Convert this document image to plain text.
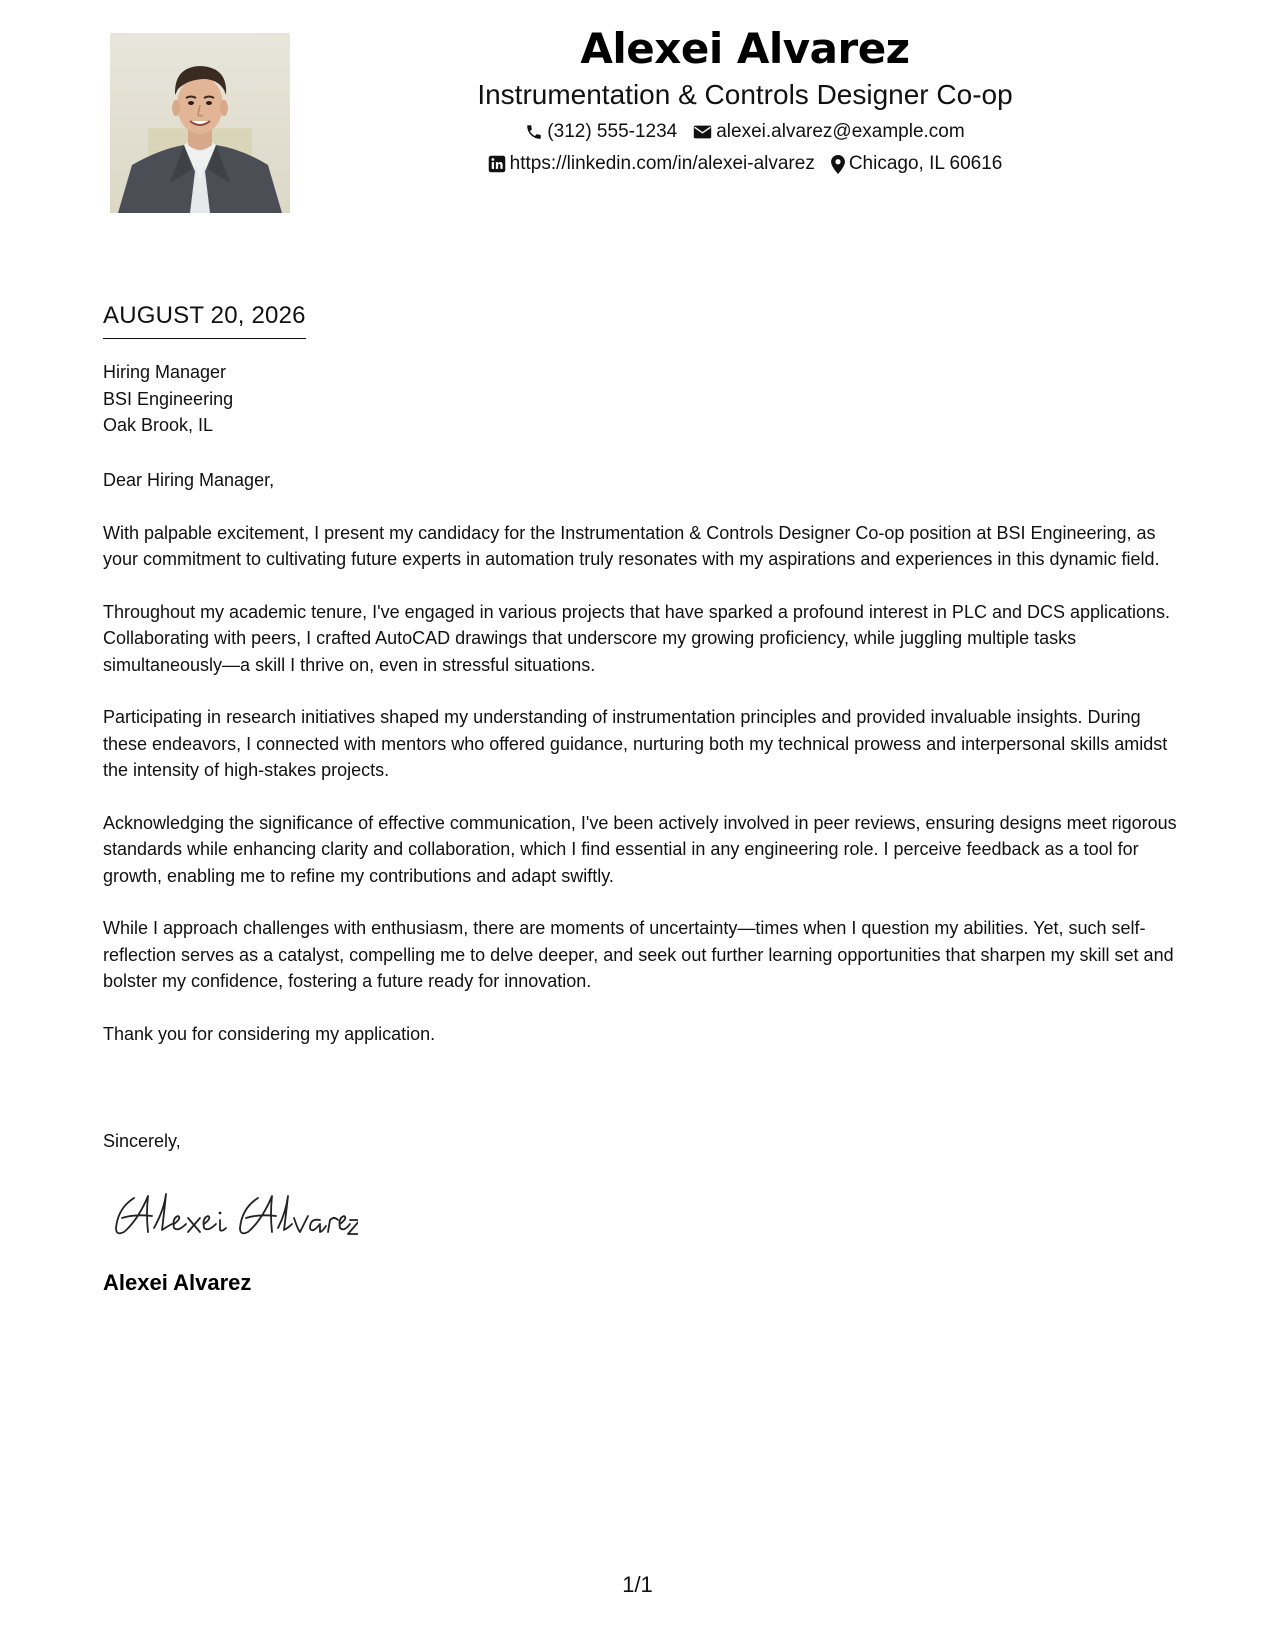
Alexei Alvarez
Instrumentation & Controls Designer Co-op
(312) 555-1234 alexei.alvarez@example.com
https://linkedin.com/in/alexei-alvarez Chicago, IL 60616
AUGUST 20, 2026
Hiring Manager
BSI Engineering
Oak Brook, IL

Dear Hiring Manager,

With palpable excitement, I present my candidacy for the Instrumentation & Controls Designer Co-op position at BSI Engineering, as your commitment to cultivating future experts in automation truly resonates with my aspirations and experiences in this dynamic field.

Throughout my academic tenure, I've engaged in various projects that have sparked a profound interest in PLC and DCS applications. Collaborating with peers, I crafted AutoCAD drawings that underscore my growing proficiency, while juggling multiple tasks simultaneously—a skill I thrive on, even in stressful situations.

Participating in research initiatives shaped my understanding of instrumentation principles and provided invaluable insights. During these endeavors, I connected with mentors who offered guidance, nurturing both my technical prowess and interpersonal skills amidst the intensity of high-stakes projects.

Acknowledging the significance of effective communication, I've been actively involved in peer reviews, ensuring designs meet rigorous standards while enhancing clarity and collaboration, which I find essential in any engineering role. I perceive feedback as a tool for growth, enabling me to refine my contributions and adapt swiftly.

While I approach challenges with enthusiasm, there are moments of uncertainty—times when I question my abilities. Yet, such self-reflection serves as a catalyst, compelling me to delve deeper, and seek out further learning opportunities that sharpen my skill set and bolster my confidence, fostering a future ready for innovation.

Thank you for considering my application.

Sincerely,
Alexei Alvarez
1/1
